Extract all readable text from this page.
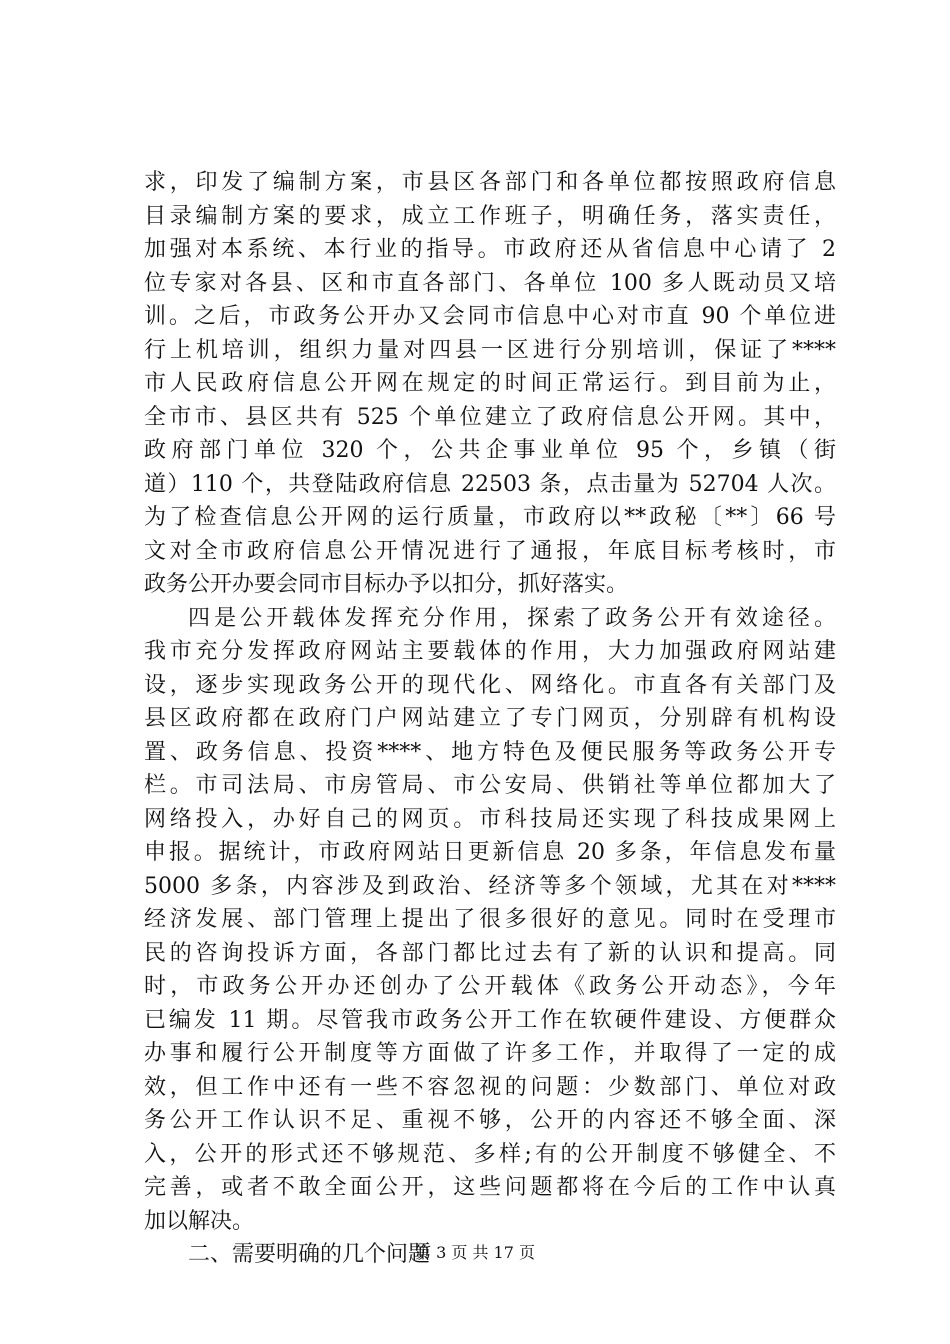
求，印发了编制方案，市县区各部门和各单位都按照政府信息
目录编制方案的要求，成立工作班子，明确任务，落实责任，
加强对本系统、本行业的指导。市政府还从省信息中心请了 2
位专家对各县、区和市直各部门、各单位 100 多人既动员又培
训。之后，市政务公开办又会同市信息中心对市直 90 个单位进
行上机培训，组织力量对四县一区进行分别培训，保证了****
市人民政府信息公开网在规定的时间正常运行。到目前为止，
全市市、县区共有 525 个单位建立了政府信息公开网。其中，
政府部门单位 320 个，公共企事业单位 95 个，乡镇（街
道）110 个，共登陆政府信息 22503 条，点击量为 52704 人次。
为了检查信息公开网的运行质量，市政府以**政秘〔**〕66 号
文对全市政府信息公开情况进行了通报，年底目标考核时，市
政务公开办要会同市目标办予以扣分，抓好落实。
四是公开载体发挥充分作用，探索了政务公开有效途径。
我市充分发挥政府网站主要载体的作用，大力加强政府网站建
设，逐步实现政务公开的现代化、网络化。市直各有关部门及
县区政府都在政府门户网站建立了专门网页，分别辟有机构设
置、政务信息、投资****、地方特色及便民服务等政务公开专
栏。市司法局、市房管局、市公安局、供销社等单位都加大了
网络投入，办好自己的网页。市科技局还实现了科技成果网上
申报。据统计，市政府网站日更新信息 20 多条，年信息发布量
5000 多条，内容涉及到政治、经济等多个领域，尤其在对****
经济发展、部门管理上提出了很多很好的意见。同时在受理市
民的咨询投诉方面，各部门都比过去有了新的认识和提高。同
时，市政务公开办还创办了公开载体《政务公开动态》，今年
已编发 11 期。尽管我市政务公开工作在软硬件建设、方便群众
办事和履行公开制度等方面做了许多工作，并取得了一定的成
效，但工作中还有一些不容忽视的问题：少数部门、单位对政
务公开工作认识不足、重视不够，公开的内容还不够全面、深
入，公开的形式还不够规范、多样;有的公开制度不够健全、不
完善，或者不敢全面公开，这些问题都将在今后的工作中认真
加以解决。
二、需要明确的几个问题
第 3 页 共 17 页
